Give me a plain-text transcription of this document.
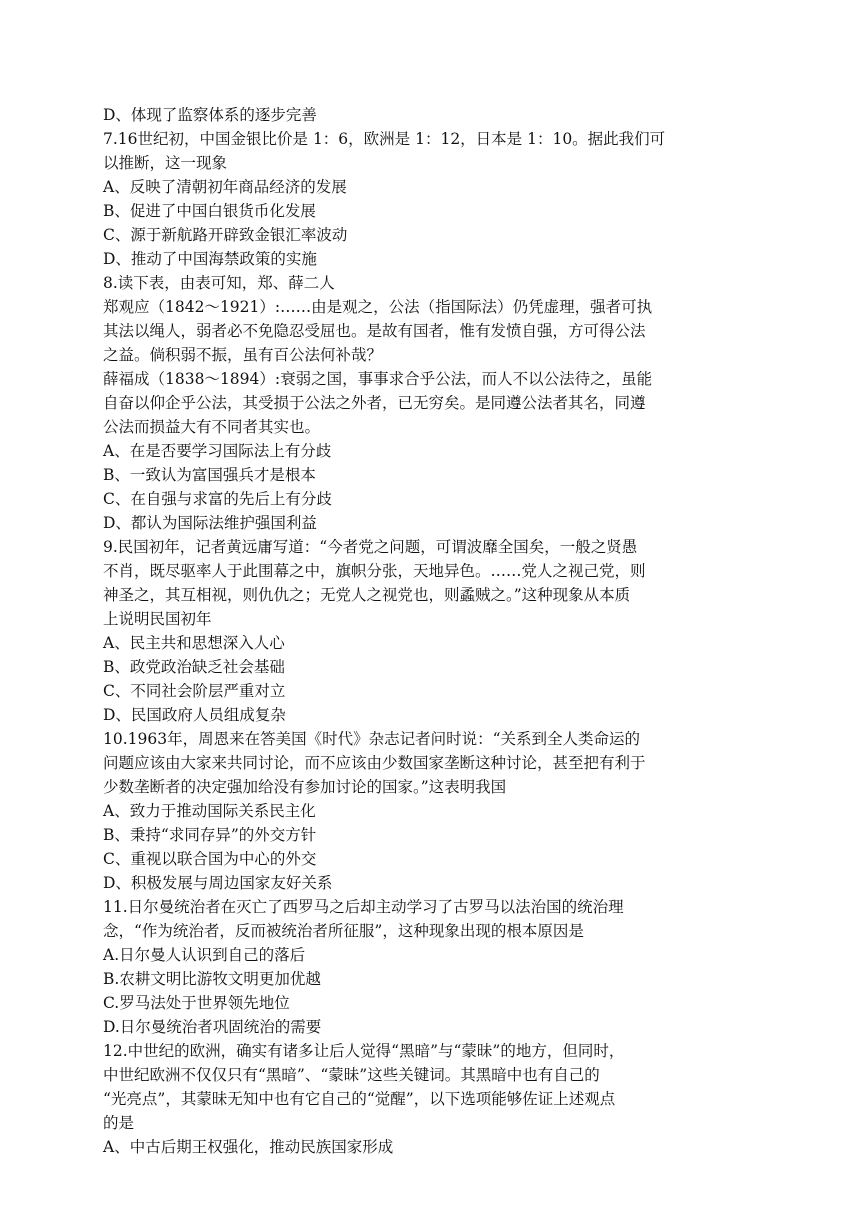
D、体现了监察体系的逐步完善
7.16世纪初，中国金银比价是 1：6，欧洲是 1：12，日本是 1：10。据此我们可
以推断，这一现象
A、反映了清朝初年商品经济的发展
B、促进了中国白银货币化发展
C、源于新航路开辟致金银汇率波动
D、推动了中国海禁政策的实施
8.读下表，由表可知，郑、薛二人
郑观应（1842～1921）:……由是观之，公法（指国际法）仍凭虚理，强者可执
其法以绳人，弱者必不免隐忍受屈也。是故有国者，惟有发愤自强，方可得公法
之益。倘积弱不振，虽有百公法何补哉？
薛福成（1838～1894）:衰弱之国，事事求合乎公法，而人不以公法待之，虽能
自奋以仰企乎公法，其受损于公法之外者，已无穷矣。是同遵公法者其名，同遵
公法而损益大有不同者其实也。
A、在是否要学习国际法上有分歧
B、一致认为富国强兵才是根本
C、在自强与求富的先后上有分歧
D、都认为国际法维护强国利益
9.民国初年，记者黄远庸写道：“今者党之问题，可谓波靡全国矣，一般之贤愚
不肖，既尽驱率人于此围幕之中，旗帜分张，天地异色。……党人之视己党，则
神圣之，其互相视，则仇仇之；无党人之视党也，则蟊贼之。”这种现象从本质
上说明民国初年
A、民主共和思想深入人心
B、政党政治缺乏社会基础
C、不同社会阶层严重对立
D、民国政府人员组成复杂
10.1963年，周恩来在答美国《时代》杂志记者问时说：“关系到全人类命运的
问题应该由大家来共同讨论，而不应该由少数国家垄断这种讨论，甚至把有利于
少数垄断者的决定强加给没有参加讨论的国家。”这表明我国
A、致力于推动国际关系民主化
B、秉持“求同存异”的外交方针
C、重视以联合国为中心的外交
D、积极发展与周边国家友好关系
11.日尔曼统治者在灭亡了西罗马之后却主动学习了古罗马以法治国的统治理
念，“作为统治者，反而被统治者所征服”，这种现象出现的根本原因是
A.日尔曼人认识到自己的落后
B.农耕文明比游牧文明更加优越
C.罗马法处于世界领先地位
D.日尔曼统治者巩固统治的需要
12.中世纪的欧洲，确实有诸多让后人觉得“黑暗”与“蒙昧”的地方，但同时，
中世纪欧洲不仅仅只有“黑暗”、“蒙昧”这些关键词。其黑暗中也有自己的
“光亮点”，其蒙昧无知中也有它自己的“觉醒”，以下选项能够佐证上述观点
的是
A、中古后期王权强化，推动民族国家形成
